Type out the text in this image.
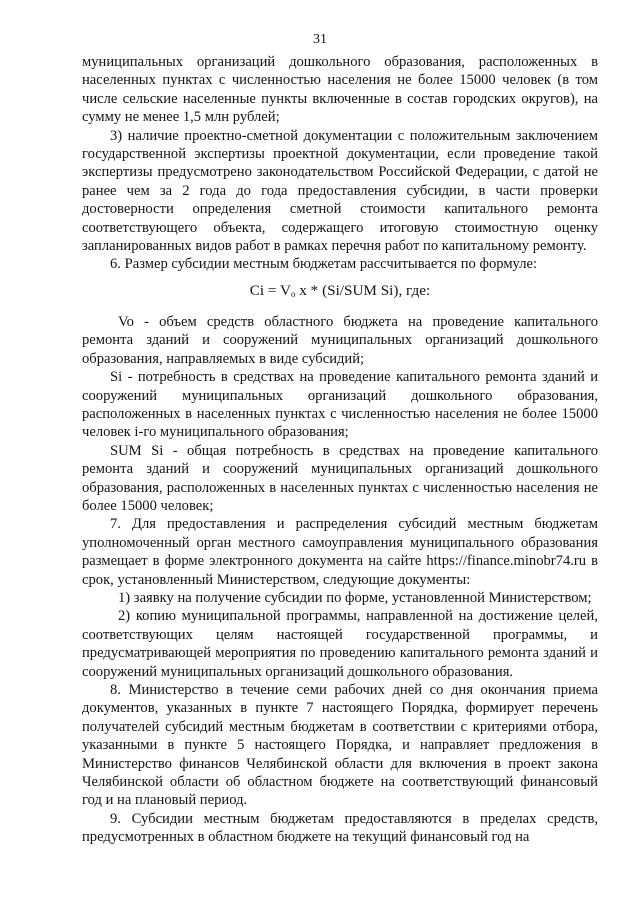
31

муниципальных организаций дошкольного образования, расположенных в населенных пунктах с численностью населения не более 15000 человек (в том числе сельские населенные пункты включенные в состав городских округов), на сумму не менее 1,5 млн рублей;

3) наличие проектно-сметной документации с положительным заключением государственной экспертизы проектной документации, если проведение такой экспертизы предусмотрено законодательством Российской Федерации, с датой не ранее чем за 2 года до года предоставления субсидии, в части проверки достоверности определения сметной стоимости капитального ремонта соответствующего объекта, содержащего итоговую стоимостную оценку запланированных видов работ в рамках перечня работ по капитальному ремонту.

6. Размер субсидии местным бюджетам рассчитывается по формуле:

$Ci = V_o$ x * (Si/SUM Si), где:

Vo - объем средств областного бюджета на проведение капитального ремонта зданий и сооружений муниципальных организаций дошкольного образования, направляемых в виде субсидий;

Si - потребность в средствах на проведение капитального ремонта зданий и сооружений муниципальных организаций дошкольного образования, расположенных в населенных пунктах с численностью населения не более 15000 человек i-го муниципального образования;

SUM Si - общая потребность в средствах на проведение капитального ремонта зданий и сооружений муниципальных организаций дошкольного образования, расположенных в населенных пунктах с численностью населения не более 15000 человек;

7. Для предоставления и распределения субсидий местным бюджетам уполномоченный орган местного самоуправления муниципального образования размещает в форме электронного документа на сайте https://finance.minobr74.ru в срок, установленный Министерством, следующие документы:

1) заявку на получение субсидии по форме, установленной Министерством;

2) копию муниципальной программы, направленной на достижение целей, соответствующих целям настоящей государственной программы, и предусматривающей мероприятия по проведению капитального ремонта зданий и сооружений муниципальных организаций дошкольного образования.

8. Министерство в течение семи рабочих дней со дня окончания приема документов, указанных в пункте 7 настоящего Порядка, формирует перечень получателей субсидий местным бюджетам в соответствии с критериями отбора, указанными в пункте 5 настоящего Порядка, и направляет предложения в Министерство финансов Челябинской области для включения в проект закона Челябинской области об областном бюджете на соответствующий финансовый год и на плановый период.

9. Субсидии местным бюджетам предоставляются в пределах средств, предусмотренных в областном бюджете на текущий финансовый год на
